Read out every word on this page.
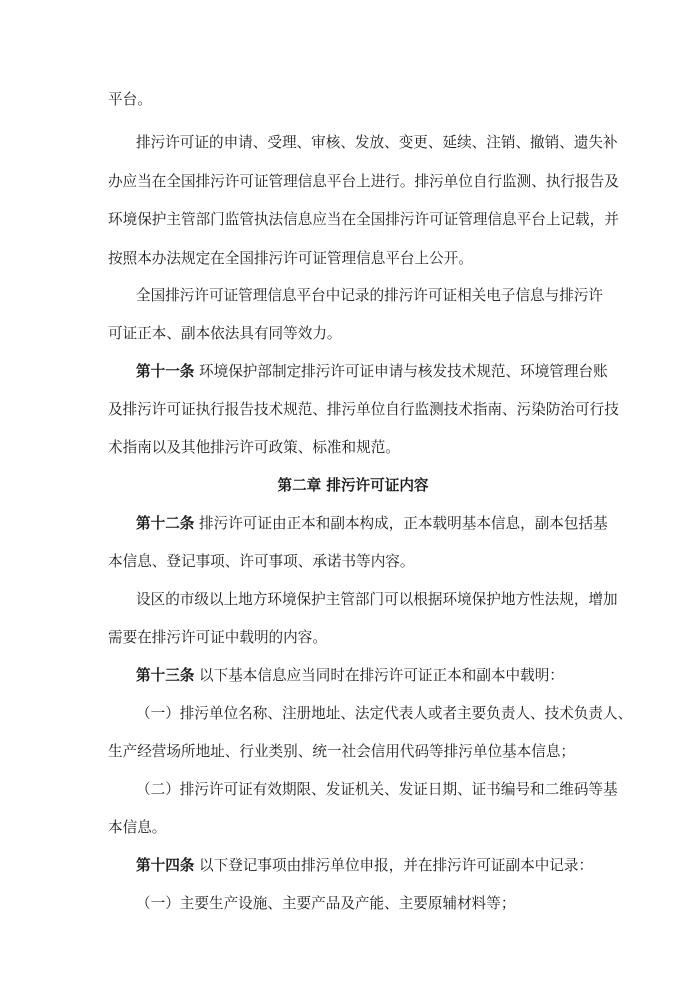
平台。
排污许可证的申请、受理、审核、发放、变更、延续、注销、撤销、遗失补
办应当在全国排污许可证管理信息平台上进行。排污单位自行监测、执行报告及
环境保护主管部门监管执法信息应当在全国排污许可证管理信息平台上记载，并
按照本办法规定在全国排污许可证管理信息平台上公开。
全国排污许可证管理信息平台中记录的排污许可证相关电子信息与排污许
可证正本、副本依法具有同等效力。
第十一条 环境保护部制定排污许可证申请与核发技术规范、环境管理台账
及排污许可证执行报告技术规范、排污单位自行监测技术指南、污染防治可行技
术指南以及其他排污许可政策、标准和规范。
第二章 排污许可证内容
第十二条 排污许可证由正本和副本构成，正本载明基本信息，副本包括基
本信息、登记事项、许可事项、承诺书等内容。
设区的市级以上地方环境保护主管部门可以根据环境保护地方性法规，增加
需要在排污许可证中载明的内容。
第十三条 以下基本信息应当同时在排污许可证正本和副本中载明：
（一）排污单位名称、注册地址、法定代表人或者主要负责人、技术负责人、
生产经营场所地址、行业类别、统一社会信用代码等排污单位基本信息；
（二）排污许可证有效期限、发证机关、发证日期、证书编号和二维码等基
本信息。
第十四条 以下登记事项由排污单位申报，并在排污许可证副本中记录：
（一）主要生产设施、主要产品及产能、主要原辅材料等；
